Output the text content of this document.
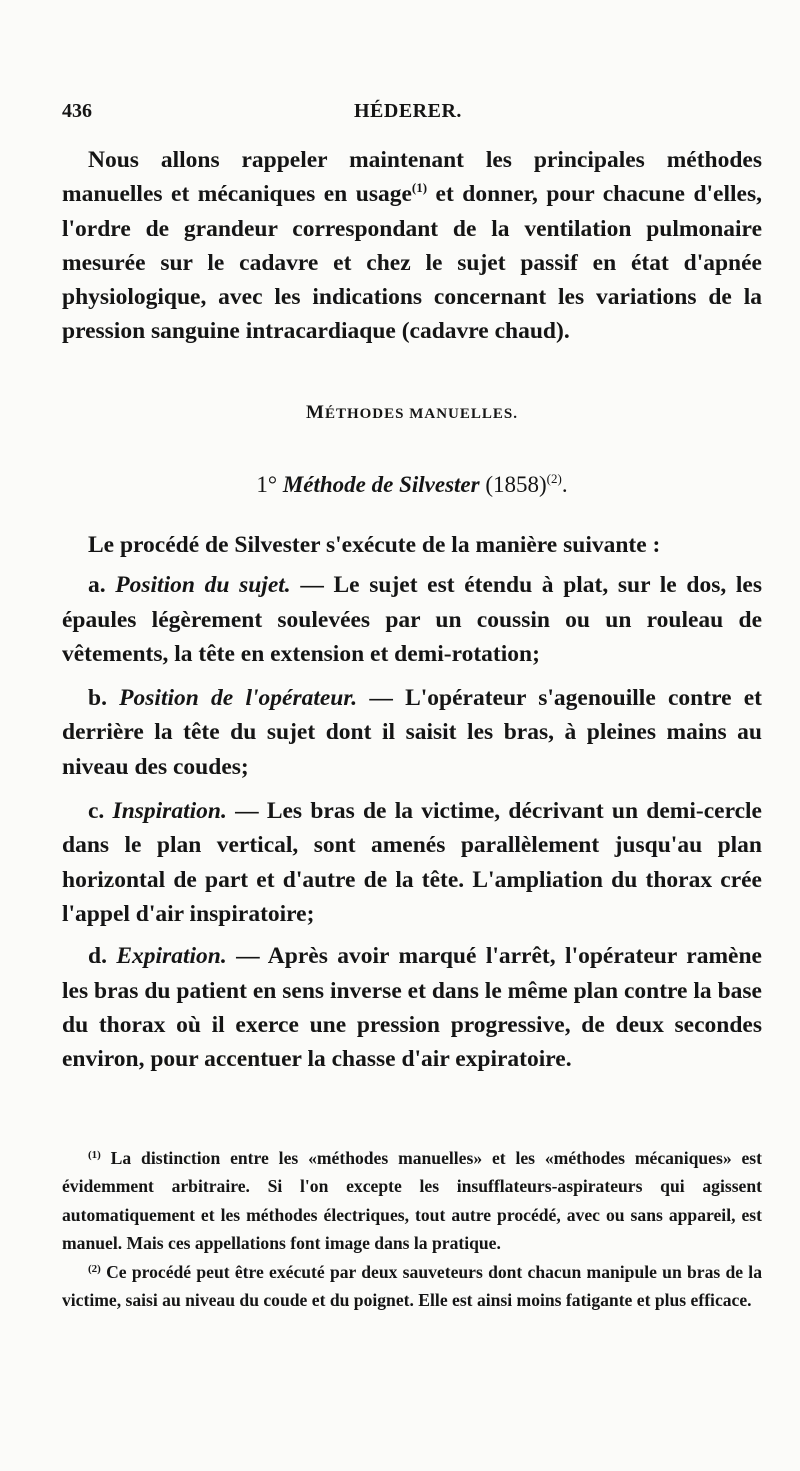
436	HÉDERER.

Nous allons rappeler maintenant les principales méthodes manuelles et mécaniques en usage$^{(1)}$ et donner, pour chacune d'elles, l'ordre de grandeur correspondant de la ventilation pulmonaire mesurée sur le cadavre et chez le sujet passif en état d'apnée physiologique, avec les indications concernant les variations de la pression sanguine intracardiaque (cadavre chaud).

MÉTHODES MANUELLES.
1° Méthode de Silvester $(1858)^{(2)}$.

Le procédé de Silvester s'exécute de la manière suivante :

a. Position du sujet. — Le sujet est étendu à plat, sur le dos, les épaules légèrement soulevées par un coussin ou un rouleau de vêtements, la tête en extension et demi-rotation;

b. Position de l'opérateur. — L'opérateur s'agenouille contre et derrière la tête du sujet dont il saisit les bras, à pleines mains au niveau des coudes;

c. Inspiration. — Les bras de la victime, décrivant un demi-cercle dans le plan vertical, sont amenés parallèlement jusqu'au plan horizontal de part et d'autre de la tête. L'ampliation du thorax crée l'appel d'air inspiratoire;

d. Expiration. — Après avoir marqué l'arrêt, l'opérateur ramène les bras du patient en sens inverse et dans le même plan contre la base du thorax où il exerce une pression progressive, de deux secondes environ, pour accentuer la chasse d'air expiratoire.

$^{(1)}$ La distinction entre les «méthodes manuelles» et les «méthodes mécaniques» est évidemment arbitraire. Si l'on excepte les insufflateurs-aspirateurs qui agissent automatiquement et les méthodes électriques, tout autre procédé, avec ou sans appareil, est manuel. Mais ces appellations font image dans la pratique.

$^{(2)}$ Ce procédé peut être exécuté par deux sauveteurs dont chacun manipule un bras de la victime, saisi au niveau du coude et du poignet. Elle est ainsi moins fatigante et plus efficace.
